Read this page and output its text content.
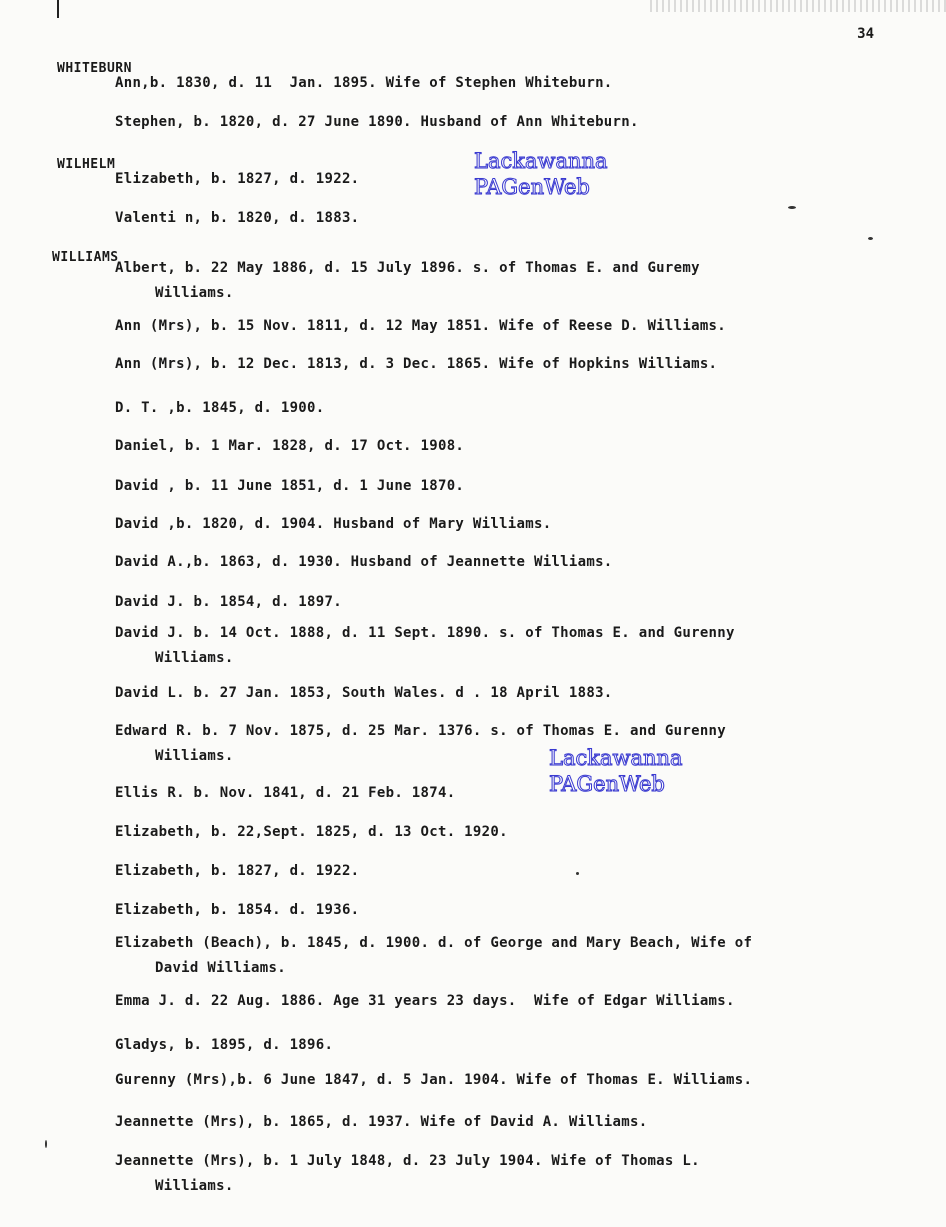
34
WHITEBURN
Ann,b. 1830, d. 11  Jan. 1895. Wife of Stephen Whiteburn.
Stephen, b. 1820, d. 27 June 1890. Husband of Ann Whiteburn.
WILHELM
Elizabeth, b. 1827, d. 1922.
Valenti n, b. 1820, d. 1883.
WILLIAMS
Albert, b. 22 May 1886, d. 15 July 1896. s. of Thomas E. and Guremy
Williams.
Ann (Mrs), b. 15 Nov. 1811, d. 12 May 1851. Wife of Reese D. Williams.
Ann (Mrs), b. 12 Dec. 1813, d. 3 Dec. 1865. Wife of Hopkins Williams.
D. T. ,b. 1845, d. 1900.
Daniel, b. 1 Mar. 1828, d. 17 Oct. 1908.
David , b. 11 June 1851, d. 1 June 1870.
David ,b. 1820, d. 1904. Husband of Mary Williams.
David A.,b. 1863, d. 1930. Husband of Jeannette Williams.
David J. b. 1854, d. 1897.
David J. b. 14 Oct. 1888, d. 11 Sept. 1890. s. of Thomas E. and Gurenny
Williams.
David L. b. 27 Jan. 1853, South Wales. d . 18 April 1883.
Edward R. b. 7 Nov. 1875, d. 25 Mar. 1376. s. of Thomas E. and Gurenny
Williams.
Ellis R. b. Nov. 1841, d. 21 Feb. 1874.
Elizabeth, b. 22,Sept. 1825, d. 13 Oct. 1920.
Elizabeth, b. 1827, d. 1922.
Elizabeth, b. 1854. d. 1936.
Elizabeth (Beach), b. 1845, d. 1900. d. of George and Mary Beach, Wife of
David Williams.
Emma J. d. 22 Aug. 1886. Age 31 years 23 days.  Wife of Edgar Williams.
Gladys, b. 1895, d. 1896.
Gurenny (Mrs),b. 6 June 1847, d. 5 Jan. 1904. Wife of Thomas E. Williams.
Jeannette (Mrs), b. 1865, d. 1937. Wife of David A. Williams.
Jeannette (Mrs), b. 1 July 1848, d. 23 July 1904. Wife of Thomas L.
Williams.
Lackawanna
PAGenWeb
Lackawanna
PAGenWeb
